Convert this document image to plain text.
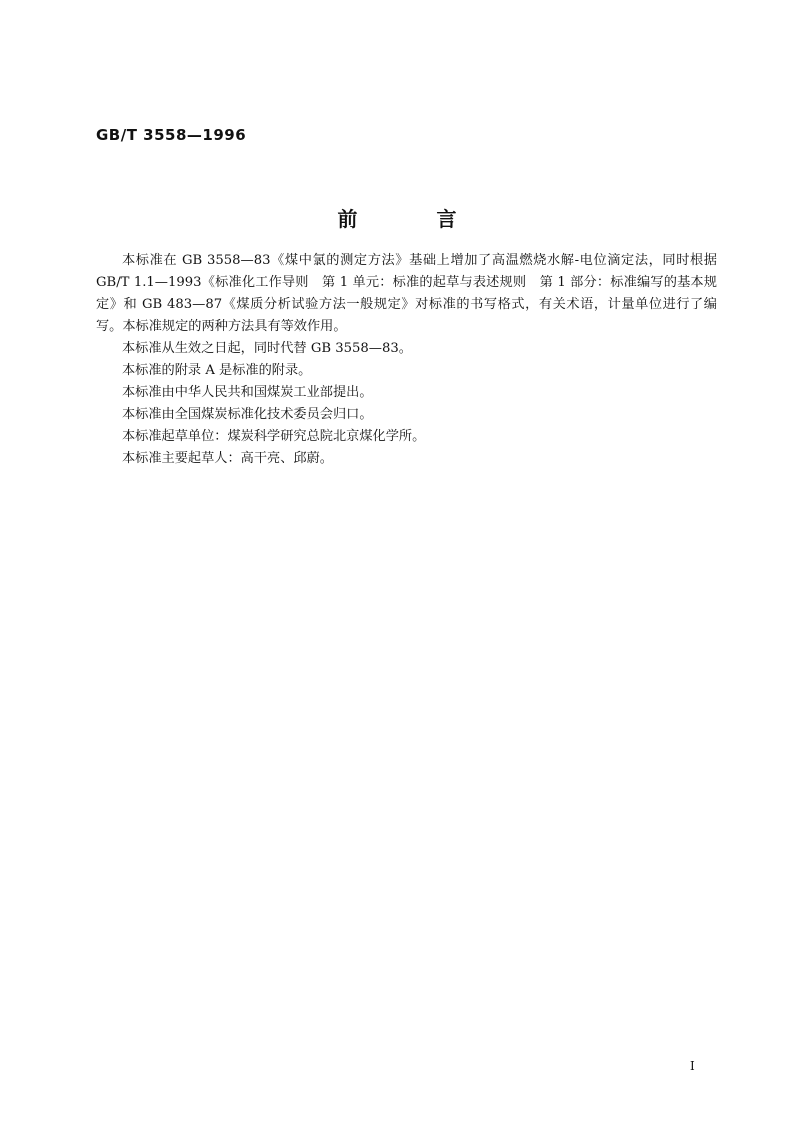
GB/T 3558—1996
前 言

本标准在 GB 3558—83《煤中氯的测定方法》基础上增加了高温燃烧水解-电位滴定法，同时根据 GB/T 1.1—1993《标准化工作导则　第 1 单元：标准的起草与表述规则　第 1 部分：标准编写的基本规定》和 GB 483—87《煤质分析试验方法一般规定》对标准的书写格式，有关术语，计量单位进行了编写。本标准规定的两种方法具有等效作用。

本标准从生效之日起，同时代替 GB 3558—83。

本标准的附录 A 是标准的附录。

本标准由中华人民共和国煤炭工业部提出。

本标准由全国煤炭标准化技术委员会归口。

本标准起草单位：煤炭科学研究总院北京煤化学所。

本标准主要起草人：高干亮、邱蔚。

I
